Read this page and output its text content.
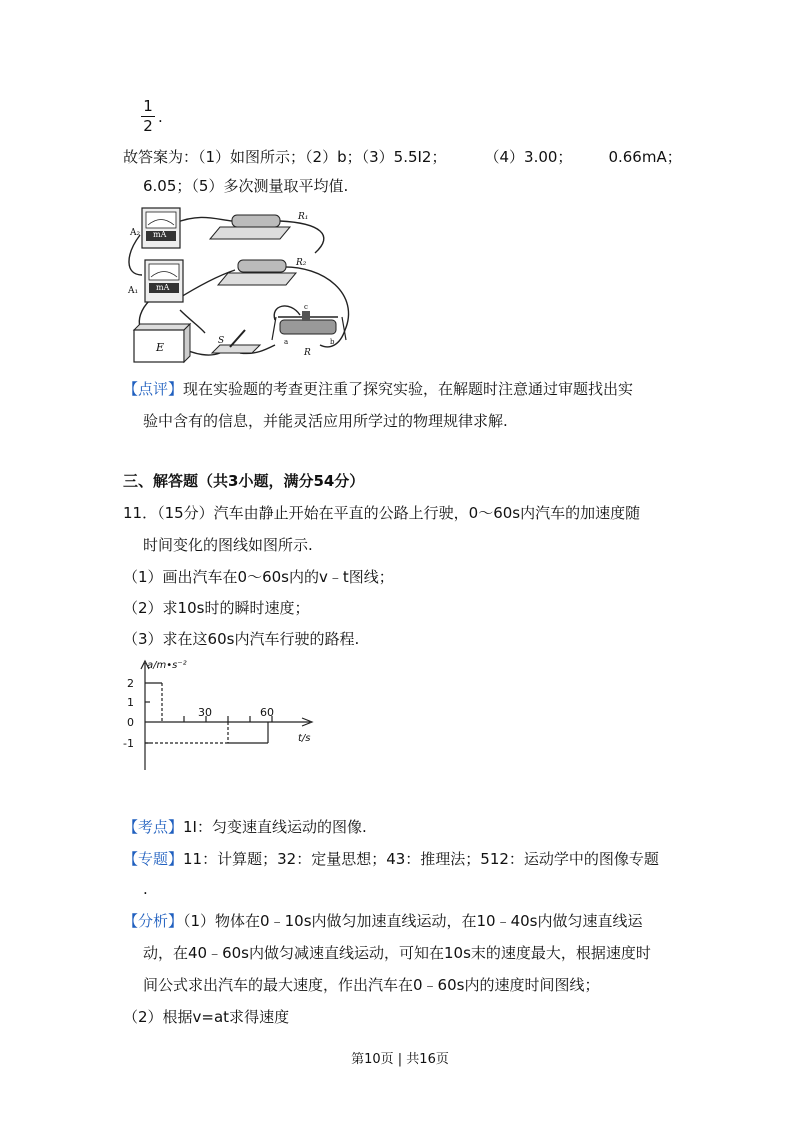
1
2 .
故答案为：（1）如图所示；（2）b；（3）5.5I2；	（4）3.00； 0.66mA；
6.05；（5）多次测量取平均值.
A₂
A₁
mA
mA
R₁
R₂
E	S
R
a	b
c
【点评】现在实验题的考查更注重了探究实验，在解题时注意通过审题找出实
验中含有的信息，并能灵活应用所学过的物理规律求解.
三、解答题（共3小题，满分54分）
11．（15分）汽车由静止开始在平直的公路上行驶，0～60s内汽车的加速度随
时间变化的图线如图所示.
（1）画出汽车在0～60s内的v﹣t图线；
（2）求10s时的瞬时速度；
（3）求在这60s内汽车行驶的路程.
a/m•s⁻²
t/s
2
1
0
-1
30	60
【考点】1I：匀变速直线运动的图像.
【专题】11：计算题；32：定量思想；43：推理法；512：运动学中的图像专题
.
【分析】（1）物体在0﹣10s内做匀加速直线运动，在10﹣40s内做匀速直线运
动，在40﹣60s内做匀减速直线运动，可知在10s末的速度最大，根据速度时
间公式求出汽车的最大速度，作出汽车在0﹣60s内的速度时间图线；
（2）根据v=at求得速度
第10页 | 共16页
